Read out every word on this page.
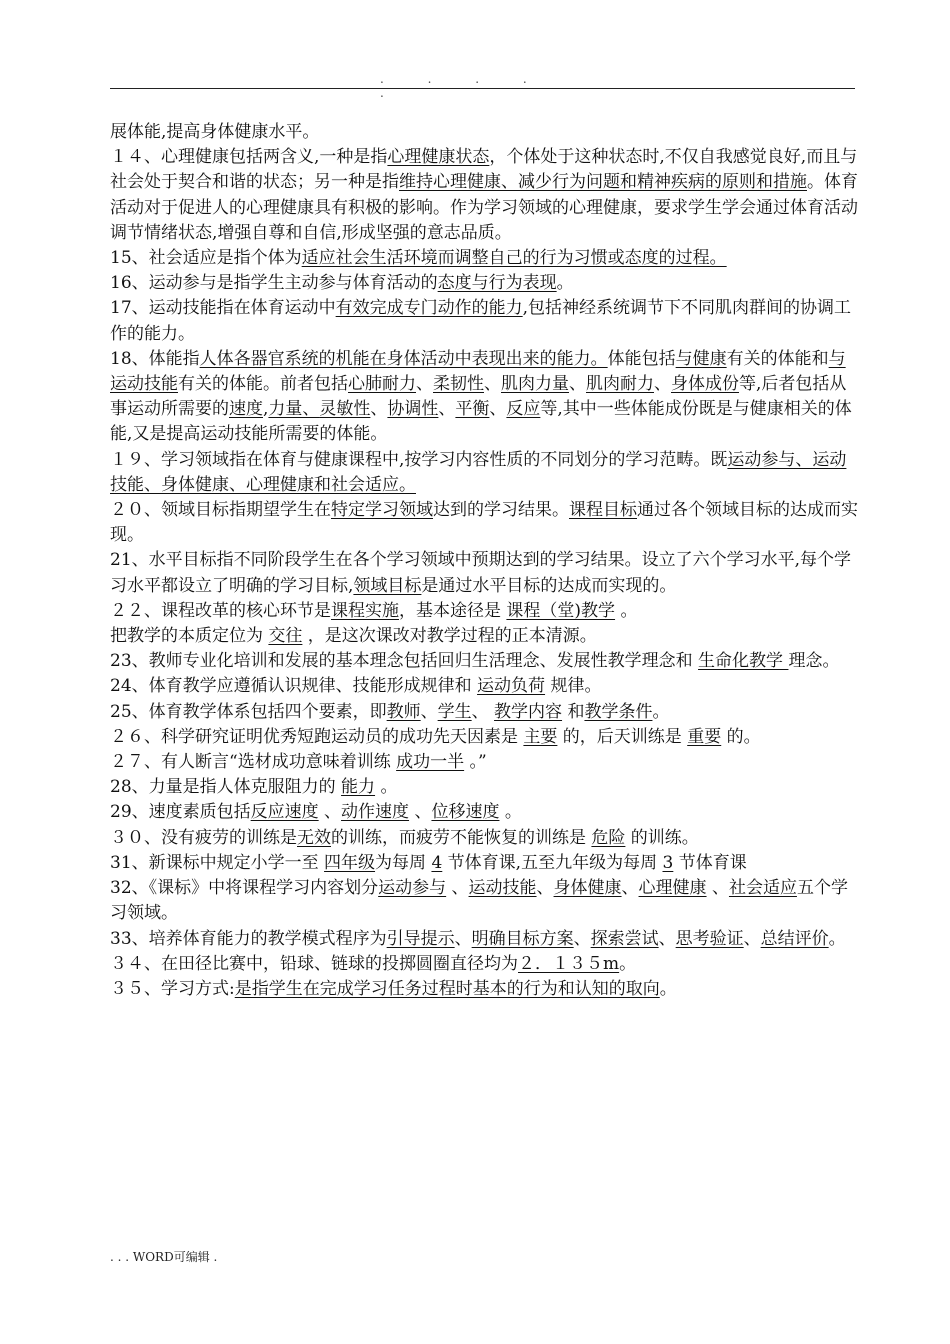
. . . . .

展体能,提高身体健康水平。

１４、心理健康包括两含义,一种是指心理健康状态，个体处于这种状态时,不仅自我感觉良好,而且与社会处于契合和谐的状态；另一种是指维持心理健康、减少行为问题和精神疾病的原则和措施。体育活动对于促进人的心理健康具有积极的影响。作为学习领域的心理健康，要求学生学会通过体育活动调节情绪状态,增强自尊和自信,形成坚强的意志品质。

15、社会适应是指个体为适应社会生活环境而调整自己的行为习惯或态度的过程。

16、运动参与是指学生主动参与体育活动的态度与行为表现。

17、运动技能指在体育运动中有效完成专门动作的能力,包括神经系统调节下不同肌肉群间的协调工作的能力。

18、体能指人体各器官系统的机能在身体活动中表现出来的能力。体能包括与健康有关的体能和与运动技能有关的体能。前者包括心肺耐力、柔韧性、肌肉力量、肌肉耐力、身体成份等,后者包括从事运动所需要的速度,力量、灵敏性、协调性、平衡、反应等,其中一些体能成份既是与健康相关的体能,又是提高运动技能所需要的体能。

１９、学习领域指在体育与健康课程中,按学习内容性质的不同划分的学习范畴。既运动参与、运动技能、身体健康、心理健康和社会适应。

２０、领域目标指期望学生在特定学习领域达到的学习结果。课程目标通过各个领域目标的达成而实现。

21、水平目标指不同阶段学生在各个学习领域中预期达到的学习结果。设立了六个学习水平,每个学习水平都设立了明确的学习目标,领域目标是通过水平目标的达成而实现的。

２２、课程改革的核心环节是课程实施，基本途径是 课程（堂)教学 。

把教学的本质定位为 交往 ，是这次课改对教学过程的正本清源。

23、教师专业化培训和发展的基本理念包括回归生活理念、发展性教学理念和 生命化教学 理念。

24、体育教学应遵循认识规律、技能形成规律和 运动负荷 规律。

25、体育教学体系包括四个要素，即教师、学生、 教学内容 和教学条件。

２６、科学研究证明优秀短跑运动员的成功先天因素是 主要 的，后天训练是 重要 的。

２７、有人断言“选材成功意味着训练 成功一半 。”

28、力量是指人体克服阻力的 能力 。

29、速度素质包括反应速度 、动作速度 、位移速度 。

３０、没有疲劳的训练是无效的训练，而疲劳不能恢复的训练是 危险 的训练。

31、新课标中规定小学一至 四年级为每周 4 节体育课,五至九年级为每周 3 节体育课

32、《课标》中将课程学习内容划分运动参与 、运动技能、身体健康、心理健康 、社会适应五个学习领域。

33、培养体育能力的教学模式程序为引导提示、明确目标方案、探索尝试、思考验证、总结评价。

３４、在田径比赛中，铅球、链球的投掷圆圈直径均为２．１３５m。

３５、学习方式:是指学生在完成学习任务过程时基本的行为和认知的取向。

. . . WORD可编辑 .
